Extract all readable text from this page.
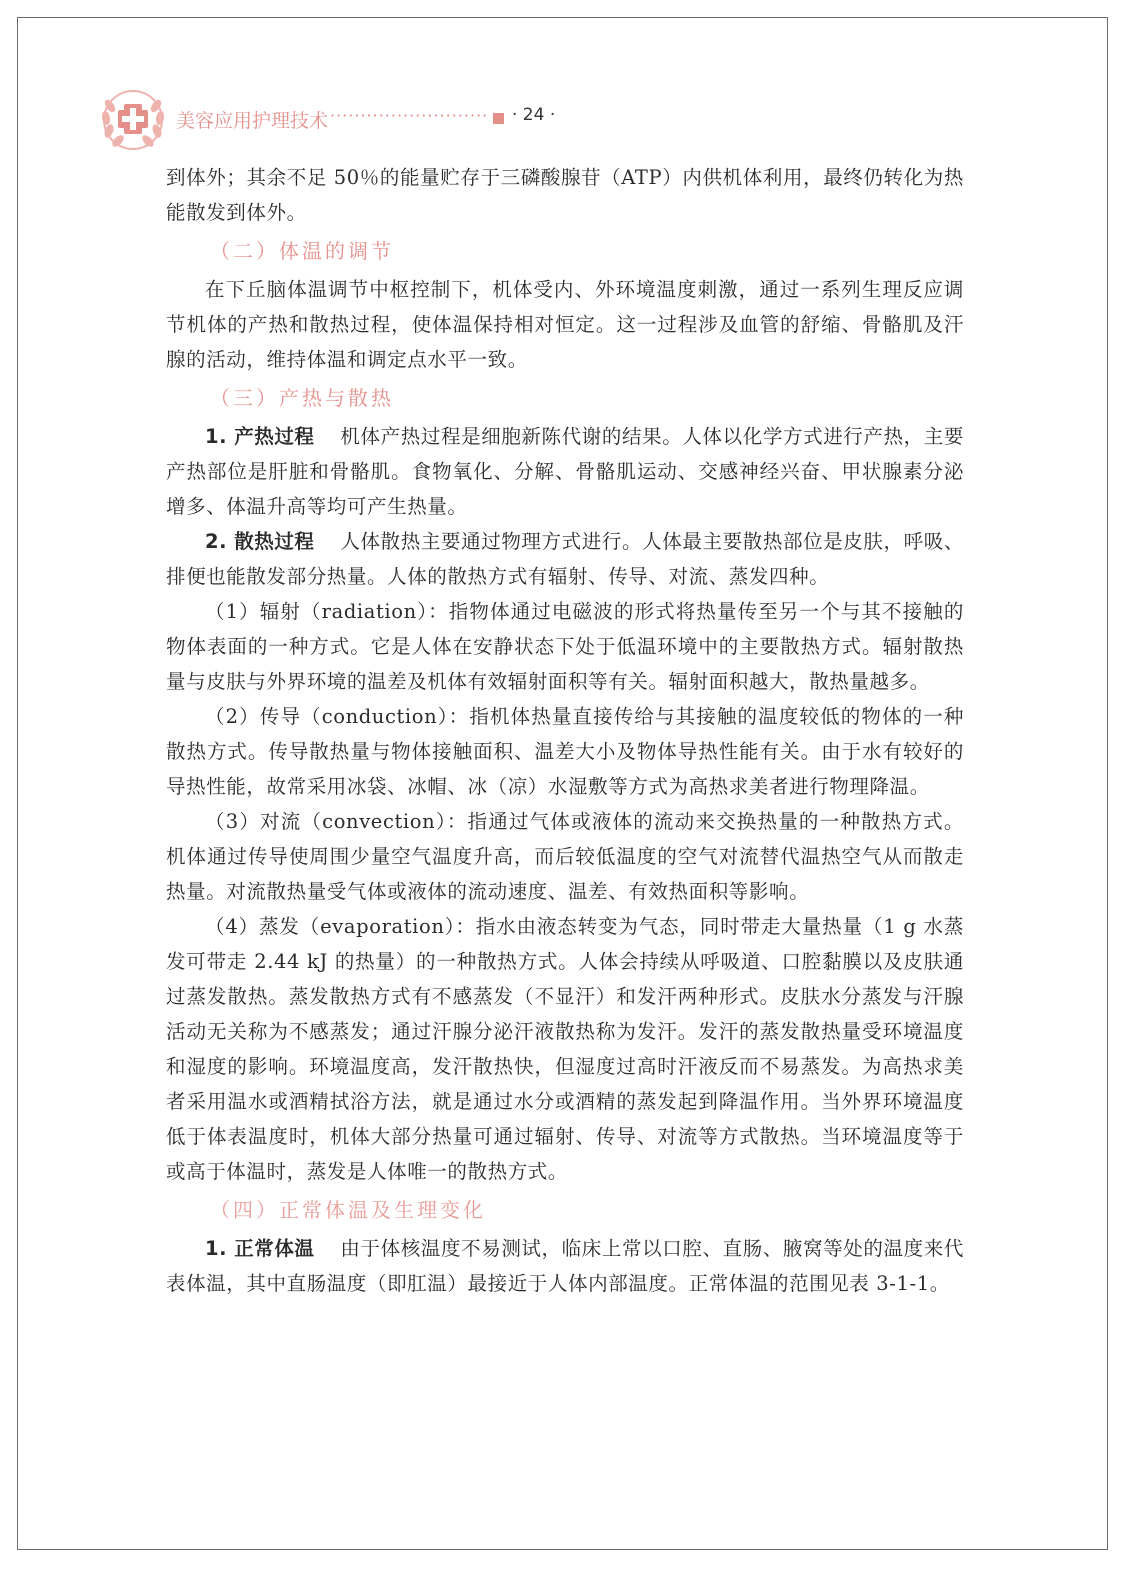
美容应用护理技术 ··························	· 24 ·

到体外；其余不足 50％的能量贮存于三磷酸腺苷（ATP）内供机体利用，最终仍转化为热能散发到体外。

（二）体温的调节

在下丘脑体温调节中枢控制下，机体受内、外环境温度刺激，通过一系列生理反应调节机体的产热和散热过程，使体温保持相对恒定。这一过程涉及血管的舒缩、骨骼肌及汗腺的活动，维持体温和调定点水平一致。

（三）产热与散热

1. 产热过程 机体产热过程是细胞新陈代谢的结果。人体以化学方式进行产热，主要产热部位是肝脏和骨骼肌。食物氧化、分解、骨骼肌运动、交感神经兴奋、甲状腺素分泌增多、体温升高等均可产生热量。

2. 散热过程 人体散热主要通过物理方式进行。人体最主要散热部位是皮肤，呼吸、排便也能散发部分热量。人体的散热方式有辐射、传导、对流、蒸发四种。

（1）辐射（radiation）：指物体通过电磁波的形式将热量传至另一个与其不接触的物体表面的一种方式。它是人体在安静状态下处于低温环境中的主要散热方式。辐射散热量与皮肤与外界环境的温差及机体有效辐射面积等有关。辐射面积越大，散热量越多。

（2）传导（conduction）：指机体热量直接传给与其接触的温度较低的物体的一种散热方式。传导散热量与物体接触面积、温差大小及物体导热性能有关。由于水有较好的导热性能，故常采用冰袋、冰帽、冰（凉）水湿敷等方式为高热求美者进行物理降温。

（3）对流（convection）：指通过气体或液体的流动来交换热量的一种散热方式。机体通过传导使周围少量空气温度升高，而后较低温度的空气对流替代温热空气从而散走热量。对流散热量受气体或液体的流动速度、温差、有效热面积等影响。

（4）蒸发（evaporation）：指水由液态转变为气态，同时带走大量热量（1 g 水蒸发可带走 2.44 kJ 的热量）的一种散热方式。人体会持续从呼吸道、口腔黏膜以及皮肤通过蒸发散热。蒸发散热方式有不感蒸发（不显汗）和发汗两种形式。皮肤水分蒸发与汗腺活动无关称为不感蒸发；通过汗腺分泌汗液散热称为发汗。发汗的蒸发散热量受环境温度和湿度的影响。环境温度高，发汗散热快，但湿度过高时汗液反而不易蒸发。为高热求美者采用温水或酒精拭浴方法，就是通过水分或酒精的蒸发起到降温作用。当外界环境温度低于体表温度时，机体大部分热量可通过辐射、传导、对流等方式散热。当环境温度等于或高于体温时，蒸发是人体唯一的散热方式。

（四）正常体温及生理变化

1. 正常体温 由于体核温度不易测试，临床上常以口腔、直肠、腋窝等处的温度来代表体温，其中直肠温度（即肛温）最接近于人体内部温度。正常体温的范围见表 3-1-1。
